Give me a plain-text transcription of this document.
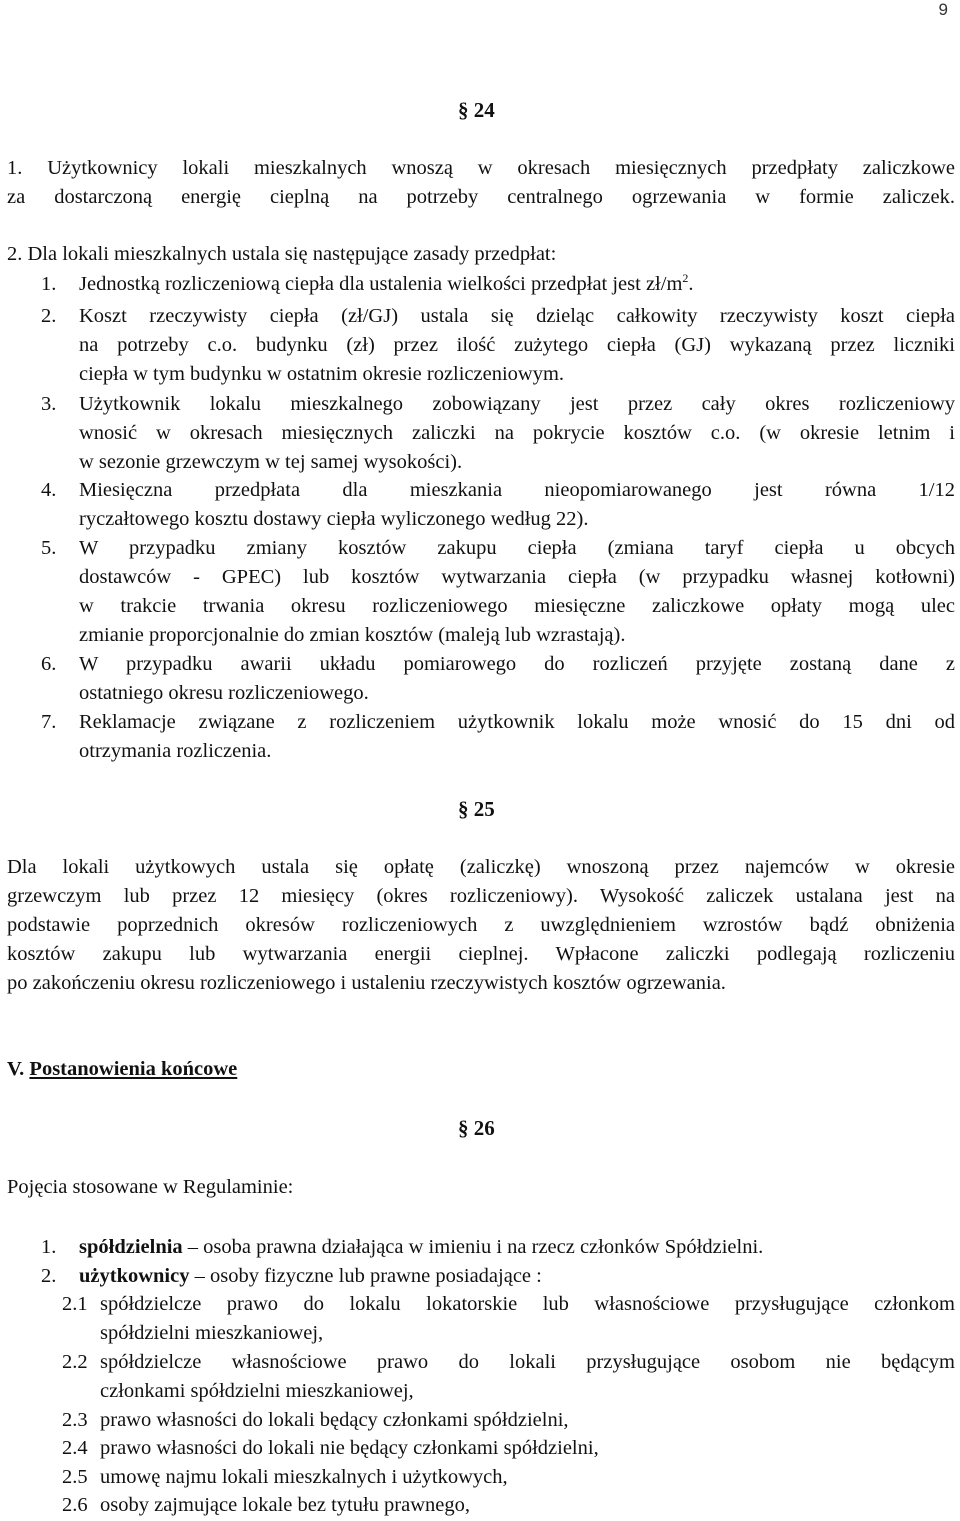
9
§ 24
1. Użytkownicy lokali mieszkalnych wnoszą w okresach miesięcznych przedpłaty zaliczkowe
za dostarczoną energię cieplną na potrzeby centralnego ogrzewania w formie zaliczek.
2. Dla lokali mieszkalnych ustala się następujące zasady przedpłat:
1. Jednostką rozliczeniową ciepła dla ustalenia wielkości przedpłat jest $zł/m^2$.
2. Koszt rzeczywisty ciepła (zł/GJ) ustala się dzieląc całkowity rzeczywisty koszt ciepła
na potrzeby c.o. budynku (zł) przez ilość zużytego ciepła (GJ) wykazaną przez liczniki
ciepła w tym budynku w ostatnim okresie rozliczeniowym.
3. Użytkownik lokalu mieszkalnego zobowiązany jest przez cały okres rozliczeniowy
wnosić w okresach miesięcznych zaliczki na pokrycie kosztów c.o. (w okresie letnim i
w sezonie grzewczym w tej samej wysokości).
4. Miesięczna przedpłata dla mieszkania nieopomiarowanego jest równa 1/12
ryczałtowego kosztu dostawy ciepła wyliczonego według 22).
5. W przypadku zmiany kosztów zakupu ciepła (zmiana taryf ciepła u obcych
dostawców - GPEC) lub kosztów wytwarzania ciepła (w przypadku własnej kotłowni)
w trakcie trwania okresu rozliczeniowego miesięczne zaliczkowe opłaty mogą ulec
zmianie proporcjonalnie do zmian kosztów (maleją lub wzrastają).
6. W przypadku awarii układu pomiarowego do rozliczeń przyjęte zostaną dane z
ostatniego okresu rozliczeniowego.
7. Reklamacje związane z rozliczeniem użytkownik lokalu może wnosić do 15 dni od
otrzymania rozliczenia.
§ 25
Dla lokali użytkowych ustala się opłatę (zaliczkę) wnoszoną przez najemców w okresie
grzewczym lub przez 12 miesięcy (okres rozliczeniowy). Wysokość zaliczek ustalana jest na
podstawie poprzednich okresów rozliczeniowych z uwzględnieniem wzrostów bądź obniżenia
kosztów zakupu lub wytwarzania energii cieplnej. Wpłacone zaliczki podlegają rozliczeniu
po zakończeniu okresu rozliczeniowego i ustaleniu rzeczywistych kosztów ogrzewania.
V. Postanowienia końcowe
§ 26
Pojęcia stosowane w Regulaminie:
1. spółdzielnia – osoba prawna działająca w imieniu i na rzecz członków Spółdzielni.
2. użytkownicy – osoby fizyczne lub prawne posiadające :
2.1 spółdzielcze prawo do lokalu lokatorskie lub własnościowe przysługujące członkom
spółdzielni mieszkaniowej,
2.2 spółdzielcze własnościowe prawo do lokali przysługujące osobom nie będącym
członkami spółdzielni mieszkaniowej,
2.3 prawo własności do lokali będący członkami spółdzielni,
2.4 prawo własności do lokali nie będący członkami spółdzielni,
2.5 umowę najmu lokali mieszkalnych i użytkowych,
2.6 osoby zajmujące lokale bez tytułu prawnego,
